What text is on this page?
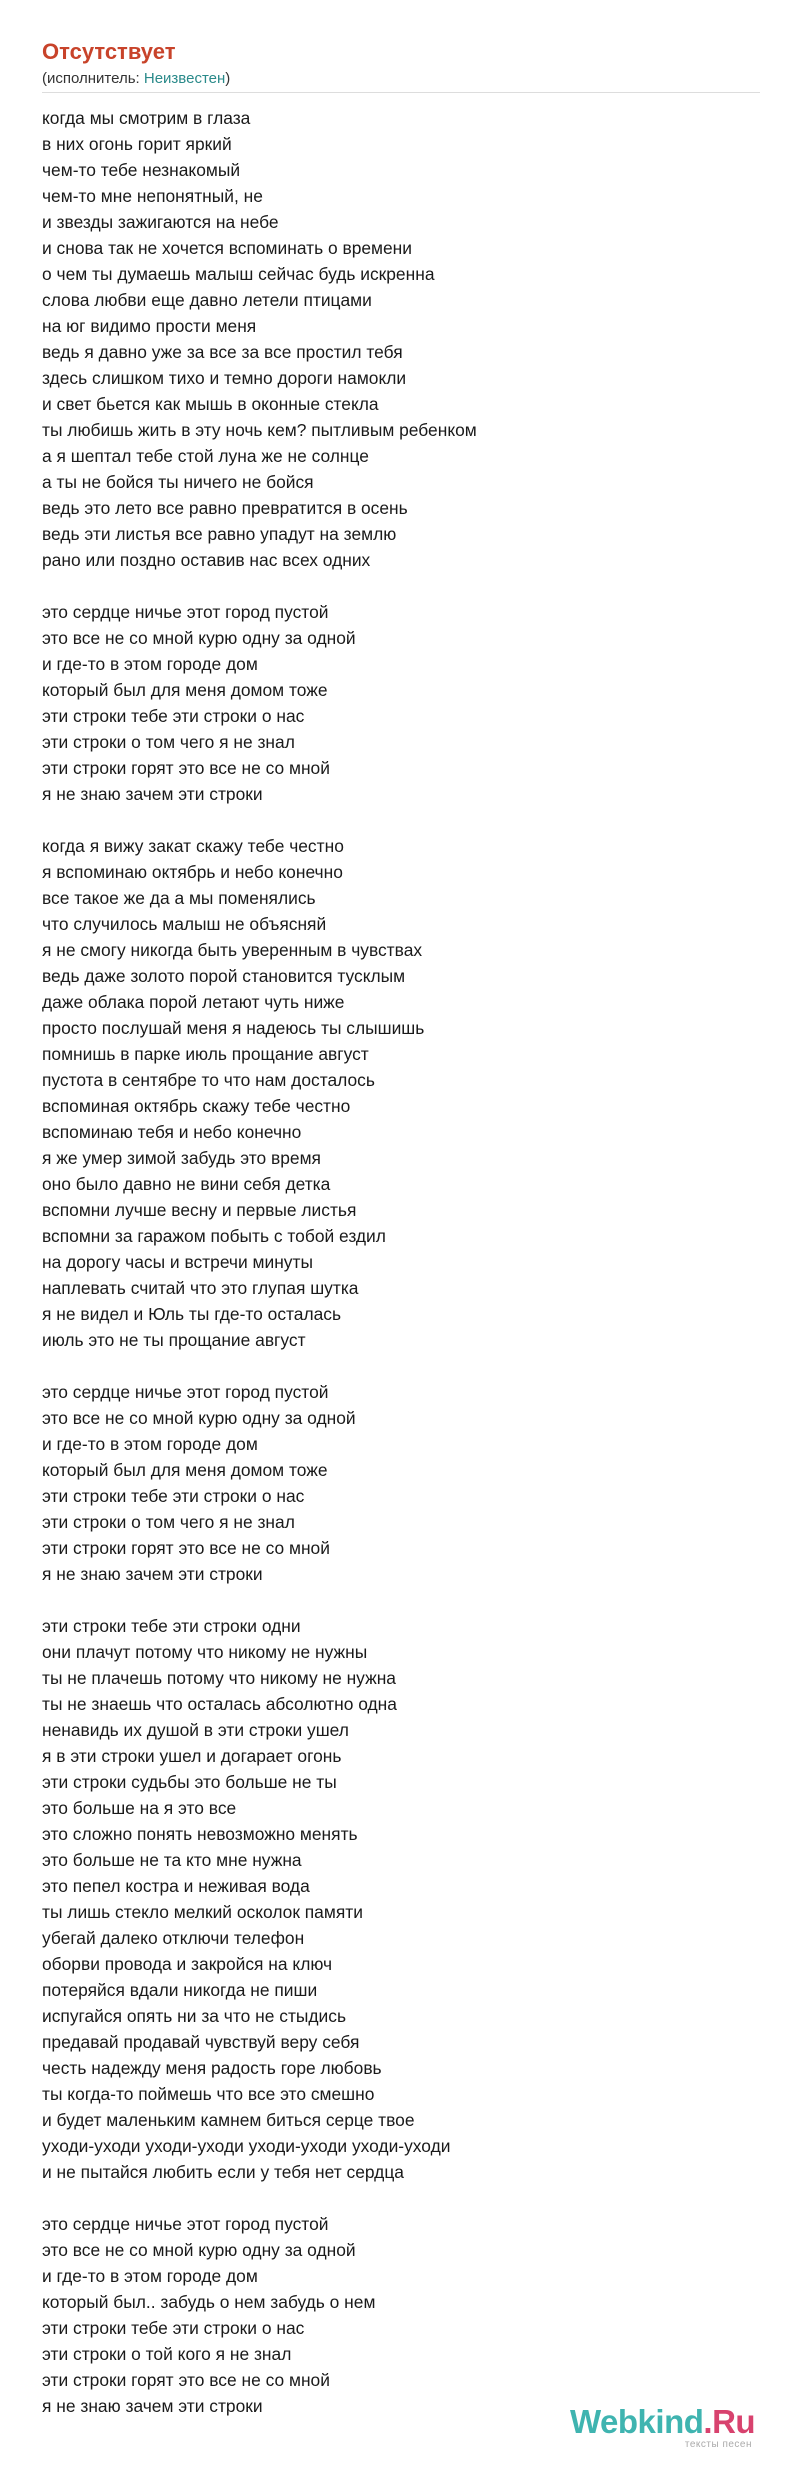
Отсутствует
(исполнитель: Неизвестен)
когда мы смотрим в глаза
в них огонь горит яркий
чем-то тебе незнакомый
чем-то мне непонятный, не
и звезды зажигаются на небе
и снова так не хочется вспоминать о времени
о чем ты думаешь малыш сейчас будь искренна
слова любви еще давно летели птицами
на юг видимо прости меня
ведь я давно уже за все за все простил тебя
здесь слишком тихо и темно дороги намокли
и свет бьется как мышь в оконные стекла
ты любишь жить в эту ночь кем? пытливым ребенком
а я шептал тебе стой луна же не солнце
а ты не бойся ты ничего не бойся
ведь это лето все равно превратится в осень
ведь эти листья все равно упадут на землю
рано или поздно оставив нас всех одних
это сердце ничье этот город пустой
это все не со мной курю одну за одной
и где-то в этом городе дом
который был для меня домом тоже
эти строки тебе эти строки о нас
эти строки о том чего я не знал
эти строки горят это все не со мной
я не знаю зачем эти строки
когда я вижу закат скажу тебе честно
я вспоминаю октябрь и небо конечно
все такое же да а мы поменялись
что случилось малыш не объясняй
я не смогу никогда быть уверенным в чувствах
ведь даже золото порой становится тусклым
даже облака порой летают чуть ниже
просто послушай меня я надеюсь ты слышишь
помнишь в парке июль прощание август
пустота в сентябре то что нам досталось
вспоминая октябрь скажу тебе честно
вспоминаю тебя и небо конечно
я же умер зимой забудь это время
оно было давно не вини себя детка
вспомни лучше весну и первые листья
вспомни за гаражом побыть с тобой ездил
на дорогу часы и встречи минуты
наплевать считай что это глупая шутка
я не видел и Юль ты где-то осталась
июль это не ты прощание август
это сердце ничье этот город пустой
это все не со мной курю одну за одной
и где-то в этом городе дом
который был для меня домом тоже
эти строки тебе эти строки о нас
эти строки о том чего я не знал
эти строки горят это все не со мной
я не знаю зачем эти строки
эти строки тебе эти строки одни
они плачут потому что никому не нужны
ты не плачешь потому что никому не нужна
ты не знаешь что осталась абсолютно одна
ненавидь их душой в эти строки ушел
я в эти строки ушел и догарает огонь
эти строки судьбы это больше не ты
это больше на я это все
это сложно понять невозможно менять
это больше не та кто мне нужна
это пепел костра и неживая вода
ты лишь стекло мелкий осколок памяти
убегай далеко отключи телефон
оборви провода и закройся на ключ
потеряйся вдали никогда не пиши
испугайся опять ни за что не стыдись
предавай продавай чувствуй веру себя
честь надежду меня радость горе любовь
ты когда-то поймешь что все это смешно
и будет маленьким камнем биться серце твое
уходи-уходи уходи-уходи уходи-уходи уходи-уходи
и не пытайся любить если у тебя нет сердца
это сердце ничье этот город пустой
это все не со мной курю одну за одной
и где-то в этом городе дом
который был.. забудь о нем забудь о нем
эти строки тебе эти строки о нас
эти строки о той кого я не знал
эти строки горят это все не со мной
я не знаю зачем эти строки	Webkind.Ru
тексты песен
